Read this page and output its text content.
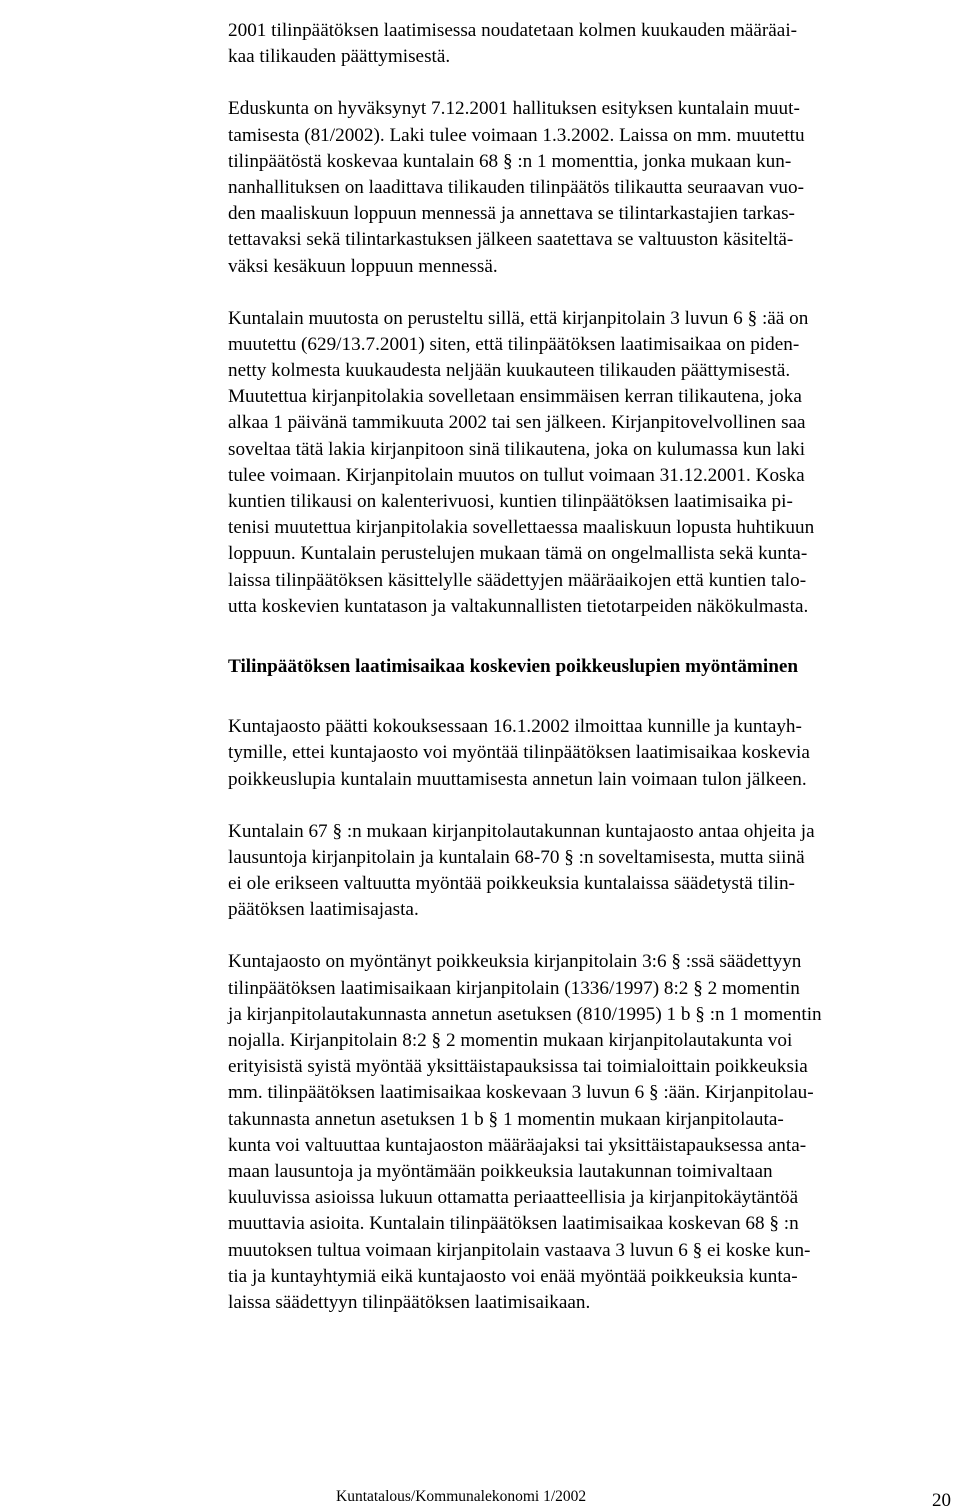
2001 tilinpäätöksen laatimisessa noudatetaan kolmen kuukauden määräai-
kaa tilikauden päättymisestä.
Eduskunta on hyväksynyt 7.12.2001 hallituksen esityksen kuntalain muut-
tamisesta (81/2002). Laki tulee voimaan 1.3.2002. Laissa on mm. muutettu
tilinpäätöstä koskevaa kuntalain 68 § :n 1 momenttia, jonka mukaan kun-
nanhallituksen on laadittava tilikauden tilinpäätös tilikautta seuraavan vuo-
den maaliskuun loppuun mennessä ja annettava se tilintarkastajien tarkas-
tettavaksi sekä tilintarkastuksen jälkeen saatettava se valtuuston käsiteltä-
väksi kesäkuun loppuun mennessä.
Kuntalain muutosta on perusteltu sillä, että kirjanpitolain 3 luvun 6 § :ää on
muutettu (629/13.7.2001) siten, että tilinpäätöksen laatimisaikaa on piden-
netty kolmesta kuukaudesta neljään kuukauteen tilikauden päättymisestä.
Muutettua kirjanpitolakia sovelletaan ensimmäisen kerran tilikautena, joka
alkaa 1 päivänä tammikuuta 2002 tai sen jälkeen. Kirjanpitovelvollinen saa
soveltaa tätä lakia kirjanpitoon sinä tilikautena, joka on kulumassa kun laki
tulee voimaan. Kirjanpitolain muutos on tullut voimaan 31.12.2001. Koska
kuntien tilikausi on kalenterivuosi, kuntien tilinpäätöksen laatimisaika pi-
tenisi muutettua kirjanpitolakia sovellettaessa maaliskuun lopusta huhtikuun
loppuun. Kuntalain perustelujen mukaan tämä on ongelmallista sekä kunta-
laissa tilinpäätöksen käsittelylle säädettyjen määräaikojen että kuntien talo-
utta koskevien kuntatason ja valtakunnallisten tietotarpeiden näkökulmasta.
Tilinpäätöksen laatimisaikaa koskevien poikkeuslupien myöntäminen
Kuntajaosto päätti kokouksessaan 16.1.2002 ilmoittaa kunnille ja kuntayh-
tymille, ettei kuntajaosto voi myöntää tilinpäätöksen laatimisaikaa koskevia
poikkeuslupia kuntalain muuttamisesta annetun lain voimaan tulon jälkeen.
Kuntalain 67 § :n mukaan kirjanpitolautakunnan kuntajaosto antaa ohjeita ja
lausuntoja kirjanpitolain ja kuntalain 68-70 § :n soveltamisesta, mutta siinä
ei ole erikseen valtuutta myöntää poikkeuksia kuntalaissa säädetystä tilin-
päätöksen laatimisajasta.
Kuntajaosto on myöntänyt poikkeuksia kirjanpitolain 3:6 § :ssä säädettyyn
tilinpäätöksen laatimisaikaan kirjanpitolain (1336/1997) 8:2 § 2 momentin
ja kirjanpitolautakunnasta annetun asetuksen (810/1995) 1 b § :n 1 momentin
nojalla. Kirjanpitolain 8:2 § 2 momentin mukaan kirjanpitolautakunta voi
erityisistä syistä myöntää yksittäistapauksissa tai toimialoittain poikkeuksia
mm. tilinpäätöksen laatimisaikaa koskevaan 3 luvun 6 § :ään. Kirjanpitolau-
takunnasta annetun asetuksen 1 b § 1 momentin mukaan kirjanpitolauta-
kunta voi valtuuttaa kuntajaoston määräajaksi tai yksittäistapauksessa anta-
maan lausuntoja ja myöntämään poikkeuksia lautakunnan toimivaltaan
kuuluvissa asioissa lukuun ottamatta periaatteellisia ja kirjanpitokäytäntöä
muuttavia asioita. Kuntalain tilinpäätöksen laatimisaikaa koskevan 68 § :n
muutoksen tultua voimaan kirjanpitolain vastaava 3 luvun 6 § ei koske kun-
tia ja kuntayhtymiä eikä kuntajaosto voi enää myöntää poikkeuksia kunta-
laissa säädettyyn tilinpäätöksen laatimisaikaan.
Kuntatalous/Kommunalekonomi 1/2002	20
